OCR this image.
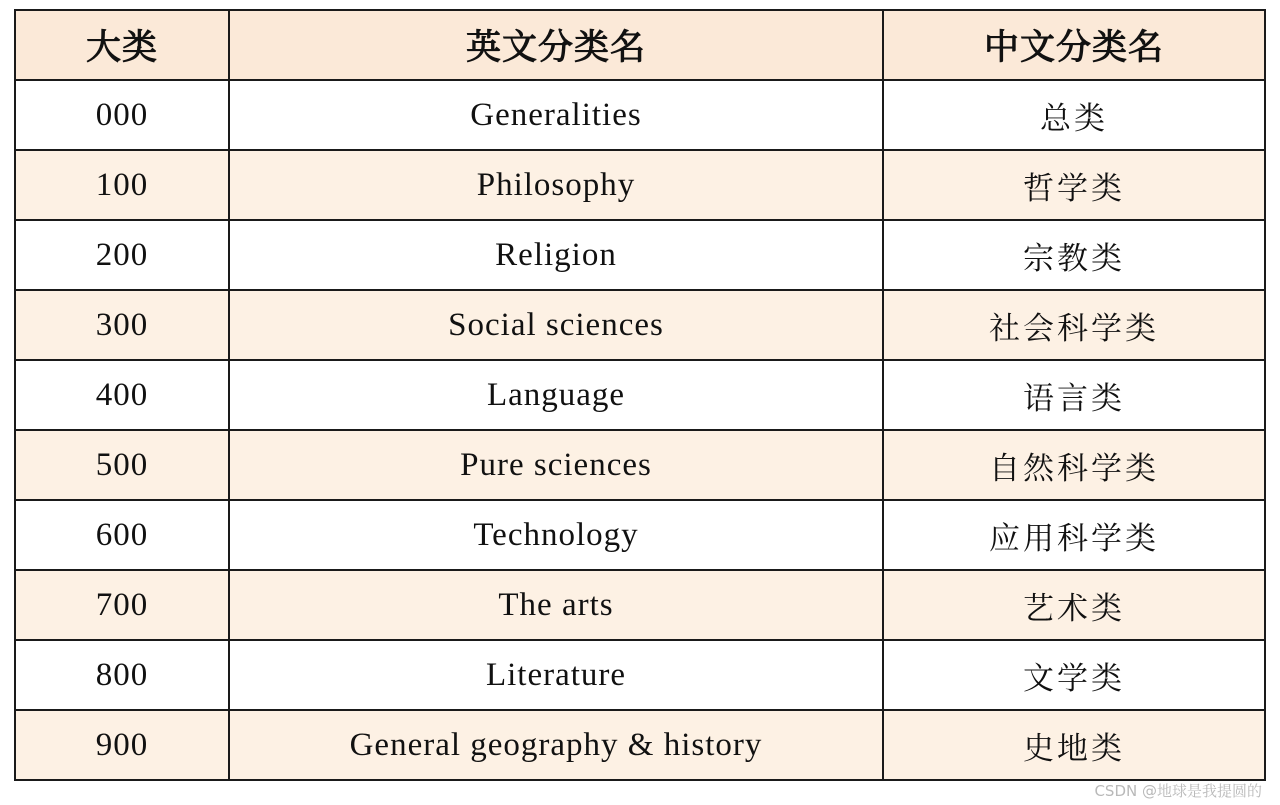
大类	英文分类名	中文分类名
000	Generalities	总类
100	Philosophy	哲学类
200	Religion	宗教类
300	Social sciences	社会科学类
400	Language	语言类
500	Pure sciences	自然科学类
600	Technology	应用科学类
700	The arts	艺术类
800	Literature	文学类
900	General geography & history	史地类
CSDN @地球是我提圆的
